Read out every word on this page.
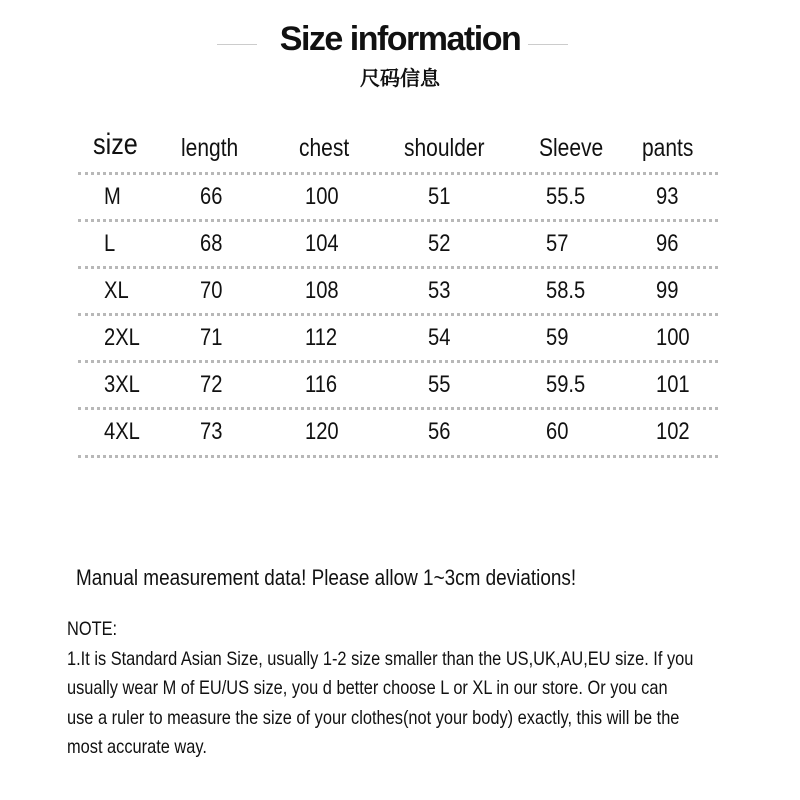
Size information
尺码信息
size length chest shoulder Sleeve pants
M	66	100	51	55.5	93
L	68	104	52	57	96
XL	70	108	53	58.5	99
2XL	71	112	54	59	100
3XL	72	116	55	59.5	101
4XL	73	120	56	60	102
Manual measurement data! Please allow 1~3cm deviations!
NOTE:
1.It is Standard Asian Size, usually 1-2 size smaller than the US,UK,AU,EU size. If you
usually wear M of EU/US size, you d better choose L or XL in our store. Or you can
use a ruler to measure the size of your clothes(not your body) exactly, this will be the
most accurate way.
